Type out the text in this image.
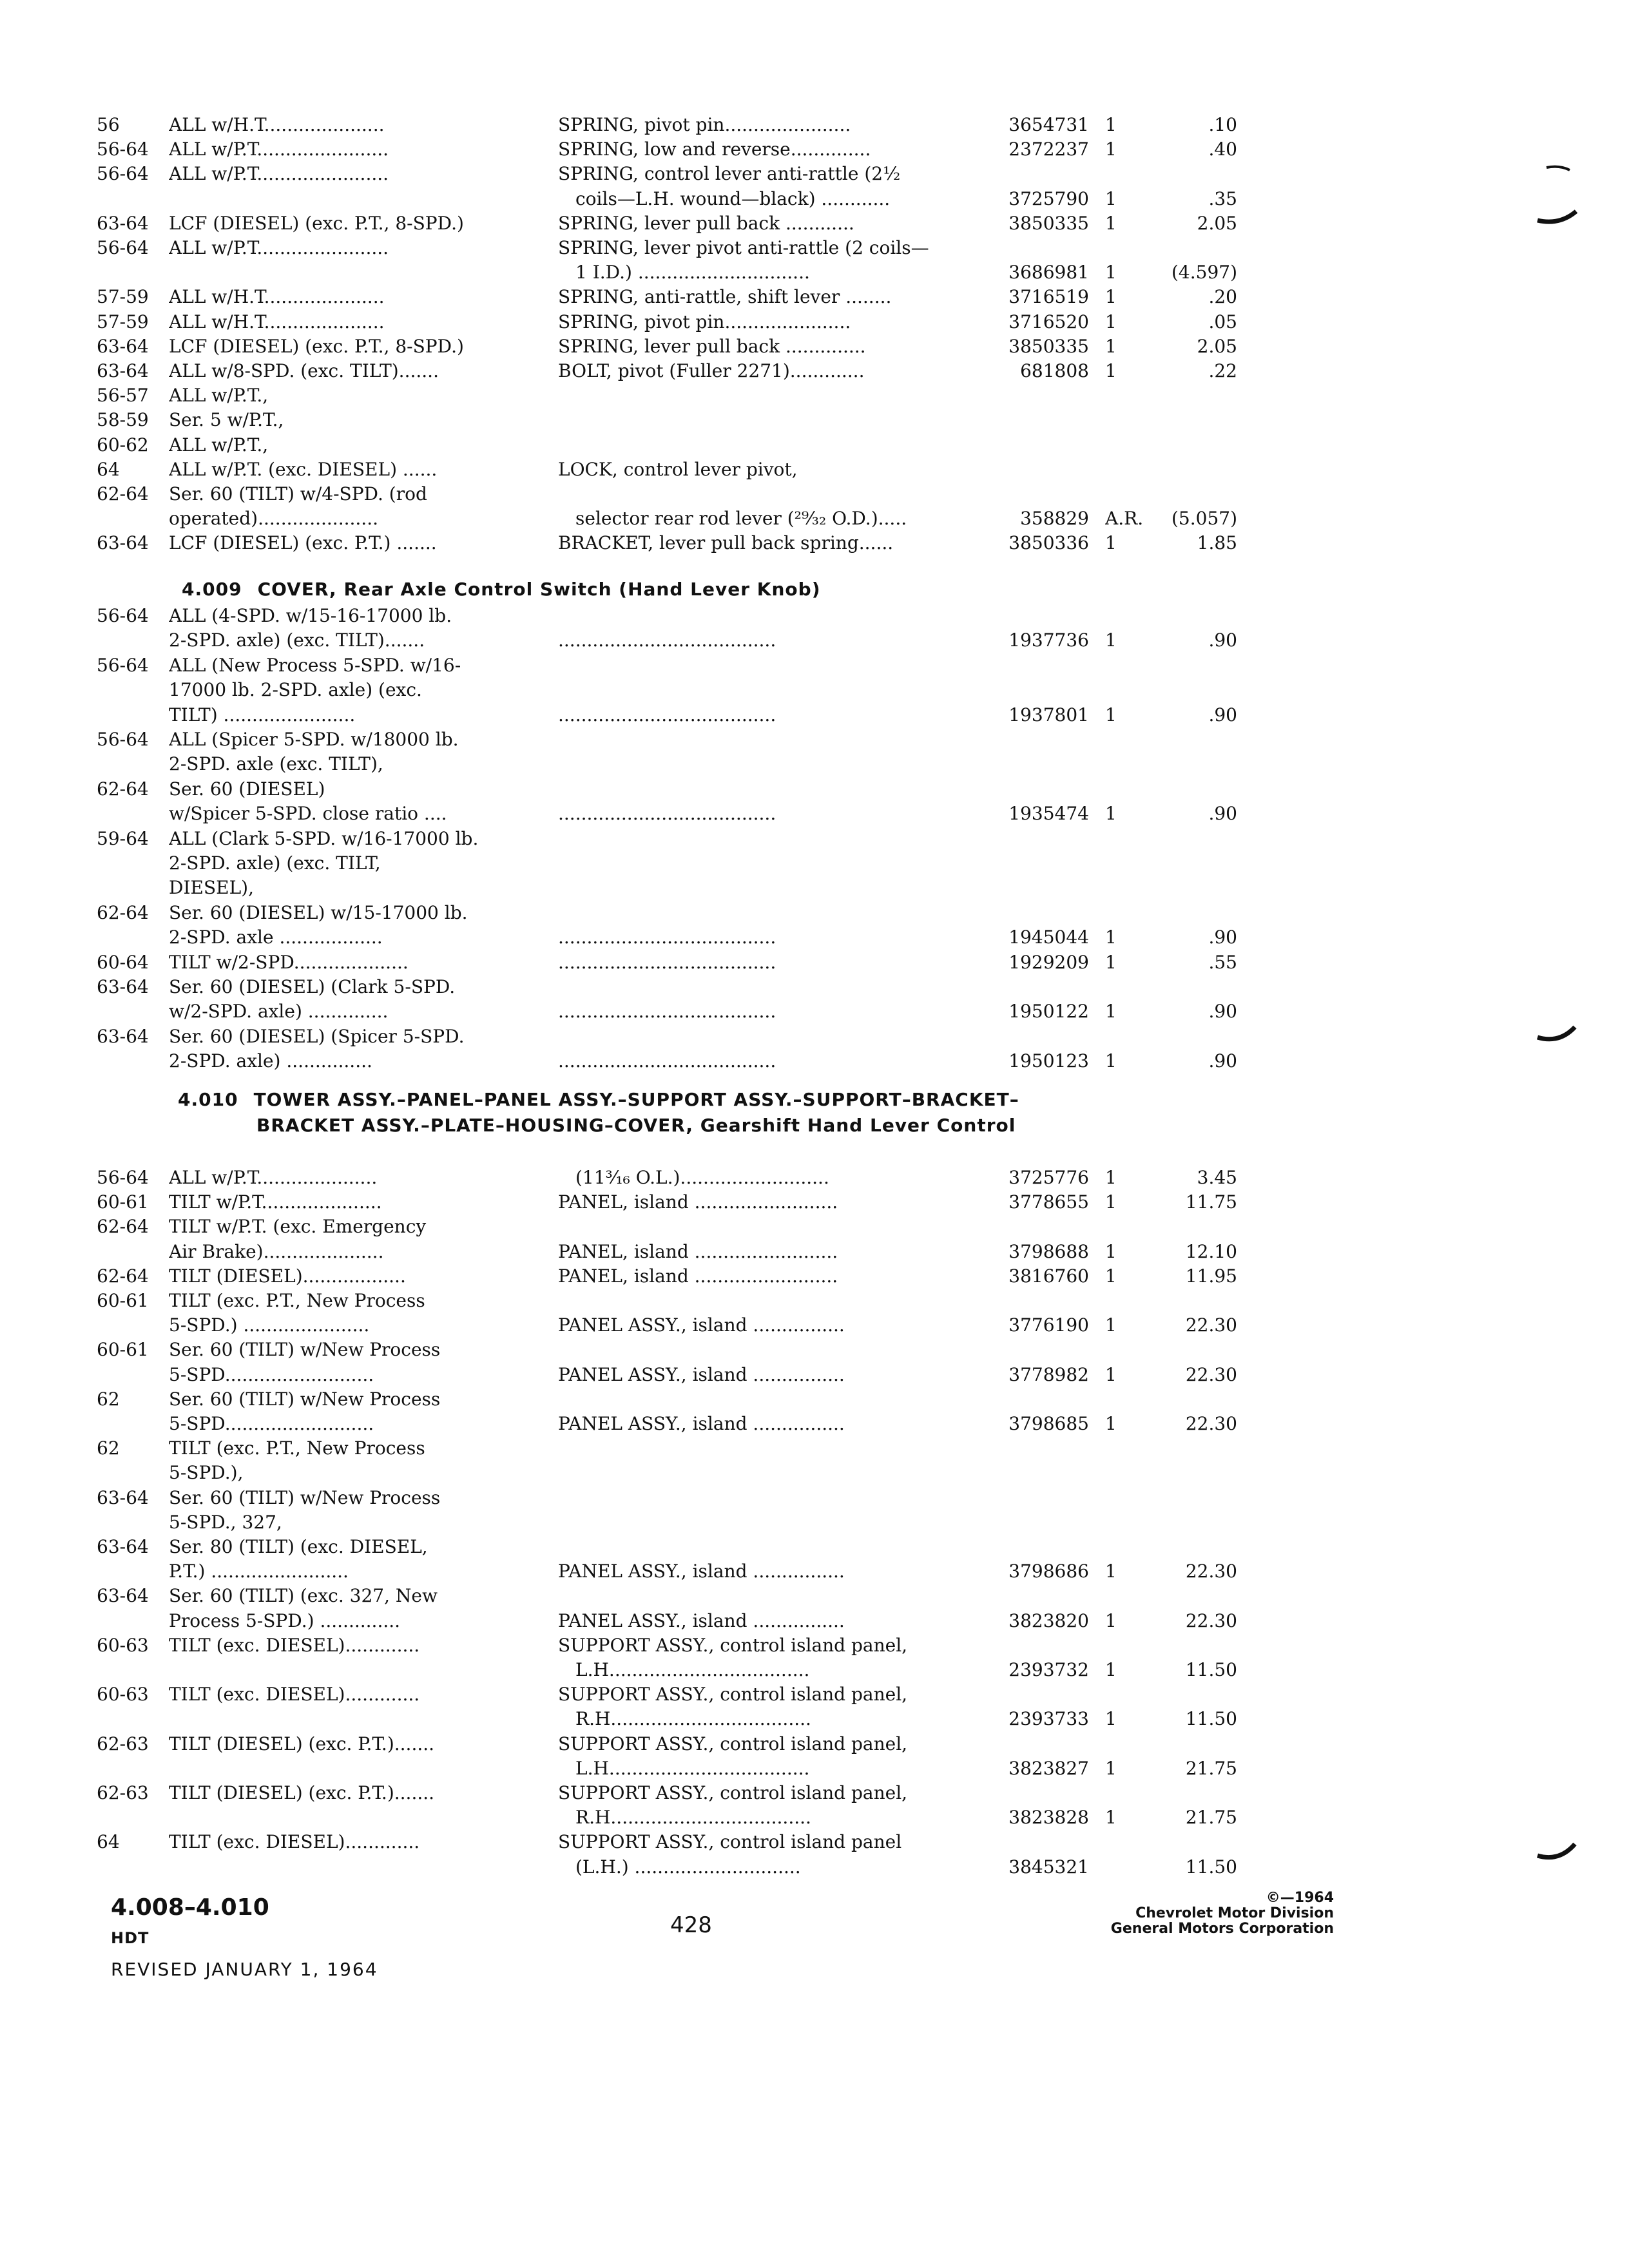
56	ALL w/H.T.....................	SPRING, pivot pin......................	3654731 1	.10
56-64	ALL w/P.T.......................	SPRING, low and reverse..............	2372237 1	.40
56-64	ALL w/P.T.......................	SPRING, control lever anti-rattle (2½
coils—L.H. wound—black) ............	3725790 1	.35
63-64	LCF (DIESEL) (exc. P.T., 8-SPD.)	SPRING, lever pull back ............	3850335 1	2.05
56-64	ALL w/P.T.......................	SPRING, lever pivot anti-rattle (2 coils—
1 I.D.) ..............................	3686981 1	(4.597)
57-59	ALL w/H.T.....................	SPRING, anti-rattle, shift lever ........	3716519 1	.20
57-59	ALL w/H.T.....................	SPRING, pivot pin......................	3716520 1	.05
63-64	LCF (DIESEL) (exc. P.T., 8-SPD.)	SPRING, lever pull back ..............	3850335 1	2.05
63-64	ALL w/8-SPD. (exc. TILT).......	BOLT, pivot (Fuller 2271).............	681808 1	.22
56-57	ALL w/P.T.,
58-59	Ser. 5 w/P.T.,
60-62	ALL w/P.T.,
64	ALL w/P.T. (exc. DIESEL) ......	LOCK, control lever pivot,
62-64	Ser. 60 (TILT) w/4-SPD. (rod
operated).....................	selector rear rod lever (²⁹⁄₃₂ O.D.).....	358829 A.R.	(5.057)
63-64	LCF (DIESEL) (exc. P.T.) .......	BRACKET, lever pull back spring......	3850336 1	1.85
4.009 COVER, Rear Axle Control Switch (Hand Lever Knob)
56-64	ALL (4-SPD. w/15-16-17000 lb.
2-SPD. axle) (exc. TILT).......	......................................	1937736 1	.90
56-64	ALL (New Process 5-SPD. w/16-
17000 lb. 2-SPD. axle) (exc.
TILT) .......................	......................................	1937801 1	.90
56-64	ALL (Spicer 5-SPD. w/18000 lb.
2-SPD. axle (exc. TILT),
62-64	Ser. 60 (DIESEL)
w/Spicer 5-SPD. close ratio ....	......................................	1935474 1	.90
59-64	ALL (Clark 5-SPD. w/16-17000 lb.
2-SPD. axle) (exc. TILT,
DIESEL),
62-64	Ser. 60 (DIESEL) w/15-17000 lb.
2-SPD. axle ..................	......................................	1945044 1	.90
60-64	TILT w/2-SPD....................	......................................	1929209 1	.55
63-64	Ser. 60 (DIESEL) (Clark 5-SPD.
w/2-SPD. axle) ..............	......................................	1950122 1	.90
63-64	Ser. 60 (DIESEL) (Spicer 5-SPD.
2-SPD. axle) ...............	......................................	1950123 1	.90
4.010 TOWER ASSY.–PANEL–PANEL ASSY.–SUPPORT ASSY.–SUPPORT–BRACKET–
BRACKET ASSY.–PLATE–HOUSING–COVER, Gearshift Hand Lever Control
56-64	ALL w/P.T.....................	(11³⁄₁₆ O.L.)..........................	3725776 1	3.45
60-61	TILT w/P.T.....................	PANEL, island .........................	3778655 1	11.75
62-64	TILT w/P.T. (exc. Emergency
Air Brake).....................	PANEL, island .........................	3798688 1	12.10
62-64	TILT (DIESEL)..................	PANEL, island .........................	3816760 1	11.95
60-61	TILT (exc. P.T., New Process
5-SPD.) ......................	PANEL ASSY., island ................	3776190 1	22.30
60-61	Ser. 60 (TILT) w/New Process
5-SPD..........................	PANEL ASSY., island ................	3778982 1	22.30
62	Ser. 60 (TILT) w/New Process
5-SPD..........................	PANEL ASSY., island ................	3798685 1	22.30
62	TILT (exc. P.T., New Process
5-SPD.),
63-64	Ser. 60 (TILT) w/New Process
5-SPD., 327,
63-64	Ser. 80 (TILT) (exc. DIESEL,
P.T.) ........................	PANEL ASSY., island ................	3798686 1	22.30
63-64	Ser. 60 (TILT) (exc. 327, New
Process 5-SPD.) ..............	PANEL ASSY., island ................	3823820 1	22.30
60-63	TILT (exc. DIESEL).............	SUPPORT ASSY., control island panel,
L.H...................................	2393732 1	11.50
60-63	TILT (exc. DIESEL).............	SUPPORT ASSY., control island panel,
R.H...................................	2393733 1	11.50
62-63	TILT (DIESEL) (exc. P.T.).......	SUPPORT ASSY., control island panel,
L.H...................................	3823827 1	21.75
62-63	TILT (DIESEL) (exc. P.T.).......	SUPPORT ASSY., control island panel,
R.H...................................	3823828 1	21.75
64	TILT (exc. DIESEL).............	SUPPORT ASSY., control island panel
(L.H.) .............................	3845321	11.50
4.008–4.010
HDT	428
©—1964
Chevrolet Motor Division
General Motors Corporation
REVISED JANUARY 1, 1964
